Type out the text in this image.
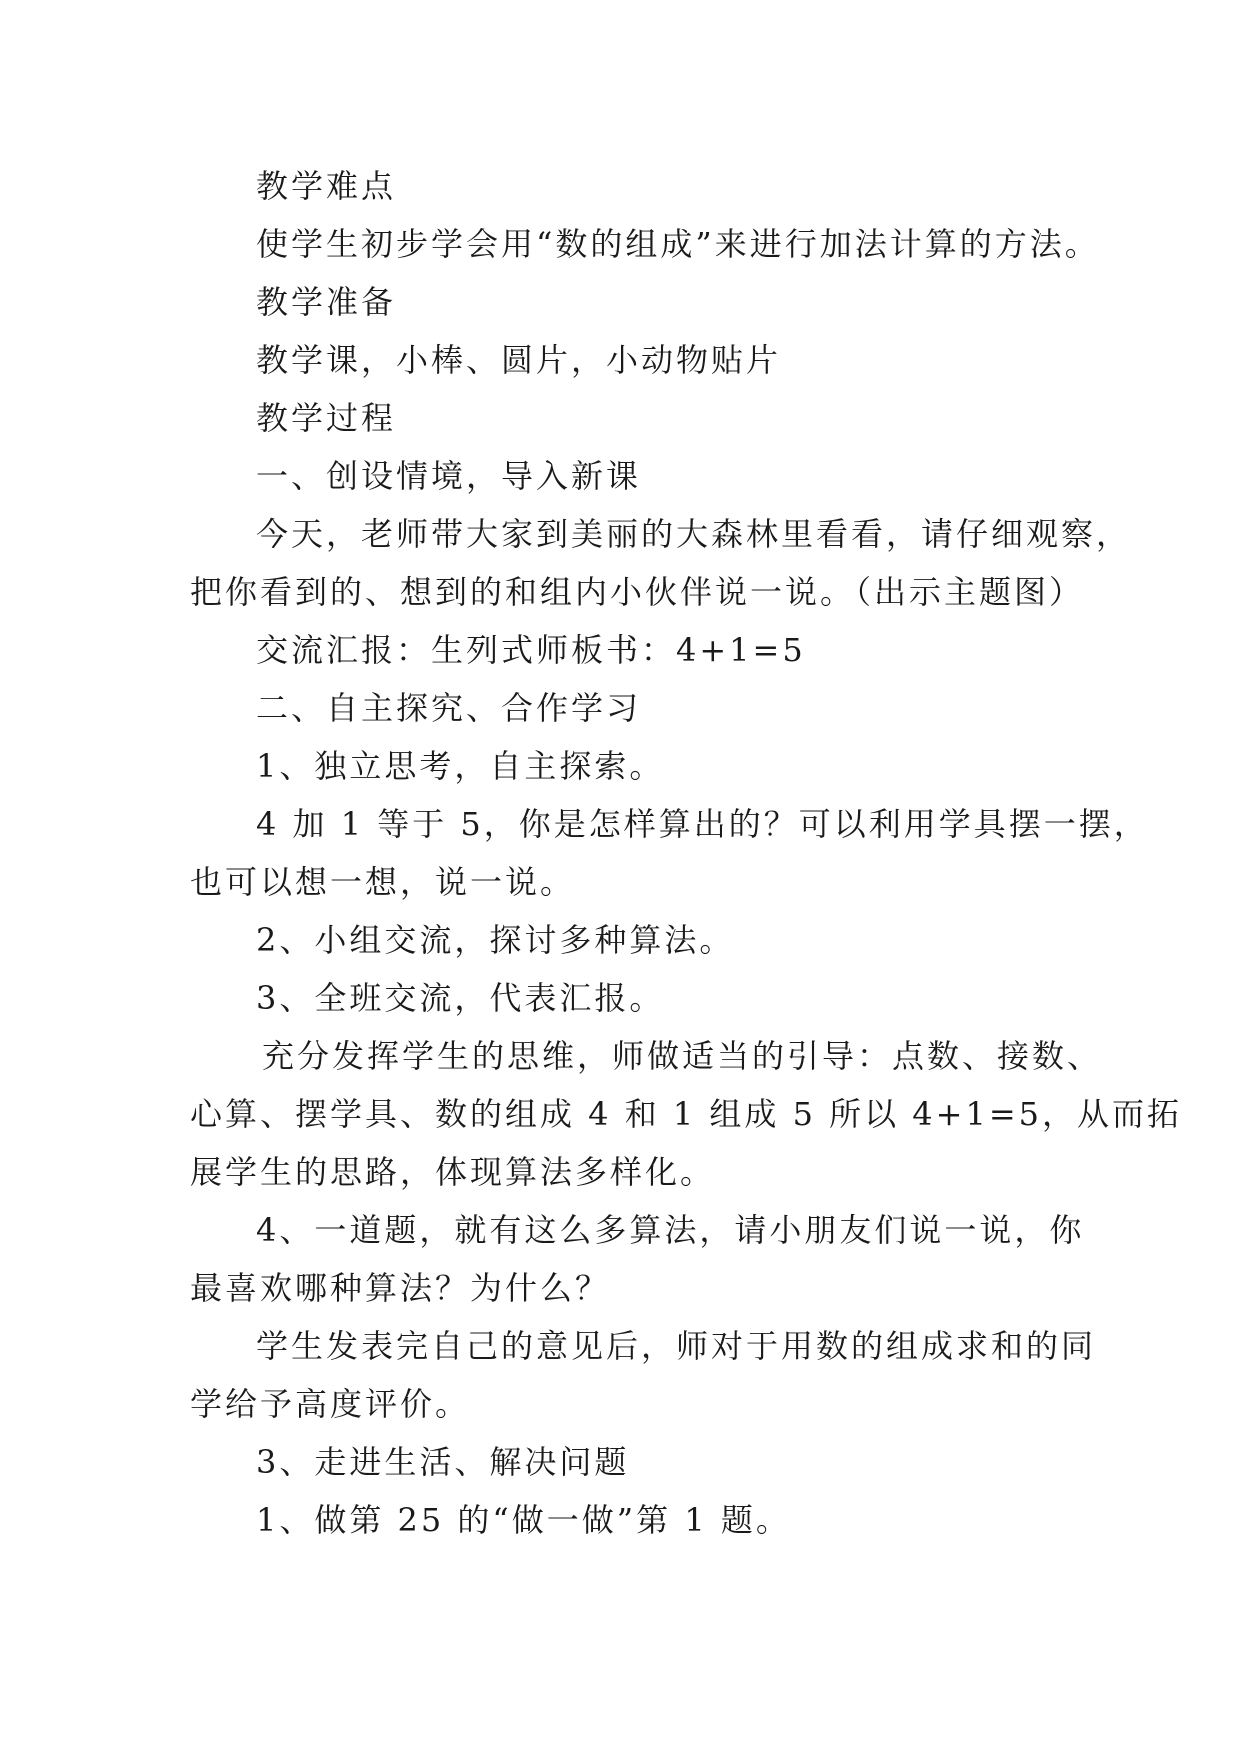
教学难点
使学生初步学会用“数的组成”来进行加法计算的方法。
教学准备
教学课，小棒、圆片，小动物贴片
教学过程
一、创设情境，导入新课
今天，老师带大家到美丽的大森林里看看，请仔细观察，
把你看到的、想到的和组内小伙伴说一说。（出示主题图）
交流汇报：生列式师板书：4+1=5
二、自主探究、合作学习
1、独立思考，自主探索。
4 加 1 等于 5，你是怎样算出的？可以利用学具摆一摆，
也可以想一想，说一说。
2、小组交流，探讨多种算法。
3、全班交流，代表汇报。
充分发挥学生的思维，师做适当的引导：点数、接数、
心算、摆学具、数的组成 4 和 1 组成 5 所以 4+1=5，从而拓
展学生的思路，体现算法多样化。
4、一道题，就有这么多算法，请小朋友们说一说，你
最喜欢哪种算法？为什么？
学生发表完自己的意见后，师对于用数的组成求和的同
学给予高度评价。
3、走进生活、解决问题
1、做第 25 的“做一做”第 1 题。
